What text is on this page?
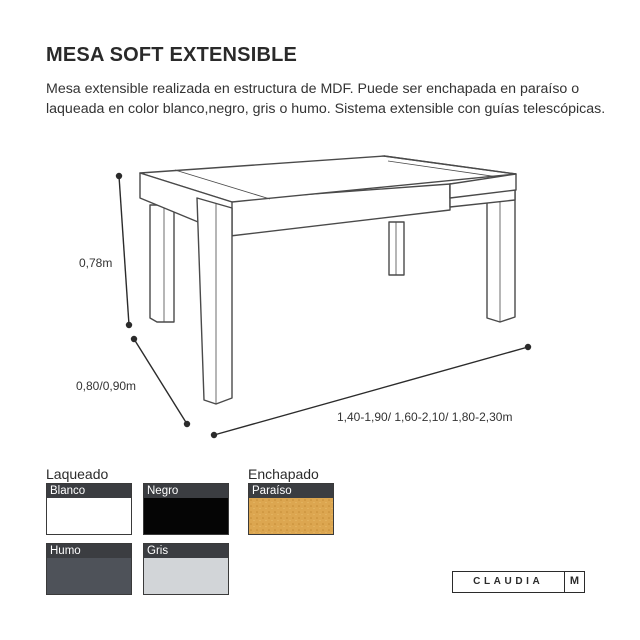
MESA SOFT EXTENSIBLE
Mesa extensible realizada en estructura de MDF. Puede ser enchapada en paraíso o laqueada en color blanco,negro, gris o humo. Sistema extensible con guías telescópicas.
0,78m
0,80/0,90m
1,40-1,90/ 1,60-2,10/ 1,80-2,30m
Laqueado	Enchapado
Blanco	Negro	Paraíso
Humo	Gris
CLAUDIA	M
